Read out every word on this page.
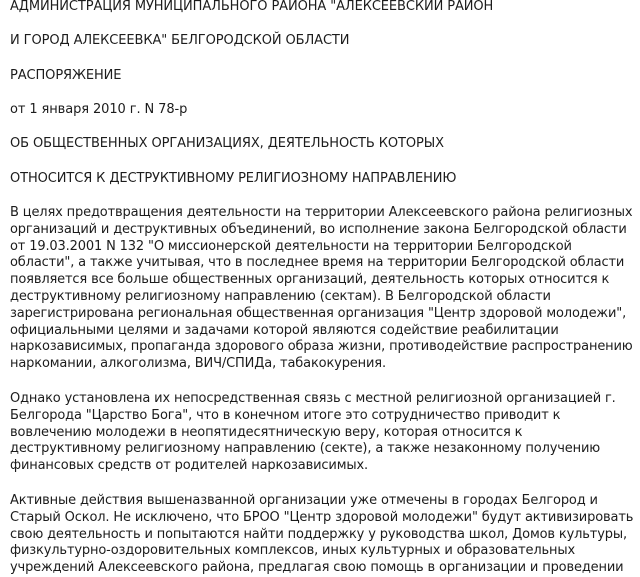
АДМИНИСТРАЦИЯ МУНИЦИПАЛЬНОГО РАЙОНА "АЛЕКСЕЕВСКИЙ РАЙОН
И ГОРОД АЛЕКСЕЕВКА" БЕЛГОРОДСКОЙ ОБЛАСТИ
РАСПОРЯЖЕНИЕ
от 1 января 2010 г. N 78-р
ОБ ОБЩЕСТВЕННЫХ ОРГАНИЗАЦИЯХ, ДЕЯТЕЛЬНОСТЬ КОТОРЫХ
ОТНОСИТСЯ К ДЕСТРУКТИВНОМУ РЕЛИГИОЗНОМУ НАПРАВЛЕНИЮ

В целях предотвращения деятельности на территории Алексеевского района религиозных организаций и деструктивных объединений, во исполнение закона Белгородской области от 19.03.2001 N 132 "О миссионерской деятельности на территории Белгородской области", а также учитывая, что в последнее время на территории Белгородской области появляется все больше общественных организаций, деятельность которых относится к деструктивному религиозному направлению (сектам). В Белгородской области зарегистрирована региональная общественная организация "Центр здоровой молодежи", официальными целями и задачами которой являются содействие реабилитации наркозависимых, пропаганда здорового образа жизни, противодействие распространению наркомании, алкоголизма, ВИЧ/СПИДа, табакокурения.

Однако установлена их непосредственная связь с местной религиозной организацией г. Белгорода "Царство Бога", что в конечном итоге это сотрудничество приводит к вовлечению молодежи в неопятидесятническую веру, которая относится к деструктивному религиозному направлению (секте), а также незаконному получению финансовых средств от родителей наркозависимых.

Активные действия вышеназванной организации уже отмечены в городах Белгород и Старый Оскол. Не исключено, что БРОО "Центр здоровой молодежи" будут активизировать свою деятельность и попытаются найти поддержку у руководства школ, Домов культуры, физкультурно-оздоровительных комплексов, иных культурных и образовательных учреждений Алексеевского района, предлагая свою помощь в организации и проведении
